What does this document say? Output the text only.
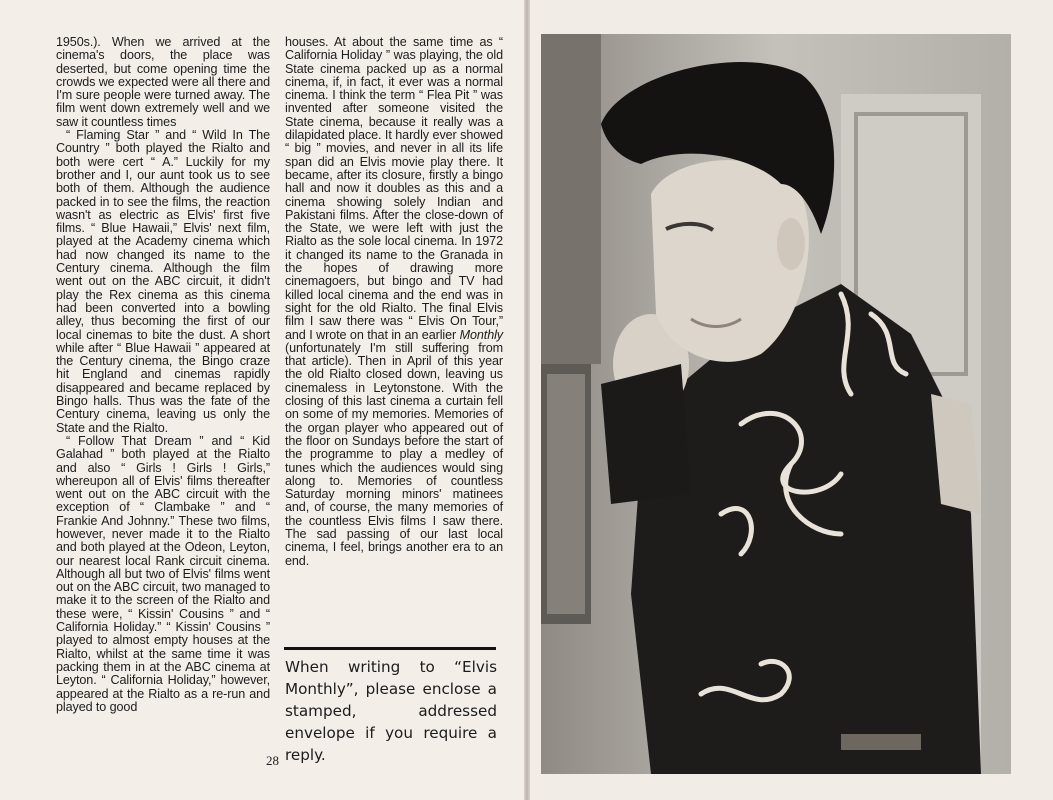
1950s.). When we arrived at the cinema's doors, the place was deserted, but come opening time the crowds we expected were all there and I'm sure people were turned away. The film went down extremely well and we saw it countless times

“ Flaming Star ” and “ Wild In The Country ” both played the Rialto and both were cert “ A.” Luckily for my brother and I, our aunt took us to see both of them. Although the audience packed in to see the films, the reaction wasn't as electric as Elvis' first five films. “ Blue Hawaii,” Elvis' next film, played at the Academy cinema which had now changed its name to the Century cinema. Although the film went out on the ABC circuit, it didn't play the Rex cinema as this cinema had been converted into a bowling alley, thus becoming the first of our local cinemas to bite the dust. A short while after “ Blue Hawaii ” appeared at the Century cinema, the Bingo craze hit England and cinemas rapidly disappeared and became replaced by Bingo halls. Thus was the fate of the Century cinema, leaving us only the State and the Rialto.

“ Follow That Dream ” and “ Kid Galahad ” both played at the Rialto and also “ Girls ! Girls ! Girls,” whereupon all of Elvis' films thereafter went out on the ABC circuit with the exception of “ Clambake ” and “ Frankie And Johnny.” These two films, however, never made it to the Rialto and both played at the Odeon, Leyton, our nearest local Rank circuit cinema. Although all but two of Elvis' films went out on the ABC circuit, two managed to make it to the screen of the Rialto and these were, “ Kissin' Cousins ” and “ California Holiday.” “ Kissin' Cousins ” played to almost empty houses at the Rialto, whilst at the same time it was packing them in at the ABC cinema at Leyton. “ California Holiday,” however, appeared at the Rialto as a re-run and played to good

houses. At about the same time as “ California Holiday ” was playing, the old State cinema packed up as a normal cinema, if, in fact, it ever was a normal cinema. I think the term “ Flea Pit ” was invented after someone visited the State cinema, because it really was a dilapidated place. It hardly ever showed “ big ” movies, and never in all its life span did an Elvis movie play there. It became, after its closure, firstly a bingo hall and now it doubles as this and a cinema showing solely Indian and Pakistani films. After the close-down of the State, we were left with just the Rialto as the sole local cinema. In 1972 it changed its name to the Granada in the hopes of drawing more cinemagoers, but bingo and TV had killed local cinema and the end was in sight for the old Rialto. The final Elvis film I saw there was “ Elvis On Tour,” and I wrote on that in an earlier Monthly (unfortunately I'm still suffering from that article). Then in April of this year the old Rialto closed down, leaving us cinemaless in Leytonstone. With the closing of this last cinema a curtain fell on some of my memories. Memories of the organ player who appeared out of the floor on Sundays before the start of the programme to play a medley of tunes which the audiences would sing along to. Memories of countless Saturday morning minors' matinees and, of course, the many memories of the countless Elvis films I saw there. The sad passing of our last local cinema, I feel, brings another era to an end.

When writing to “Elvis Monthly”, please enclose a stamped, addressed envelope if you require a reply.
28
